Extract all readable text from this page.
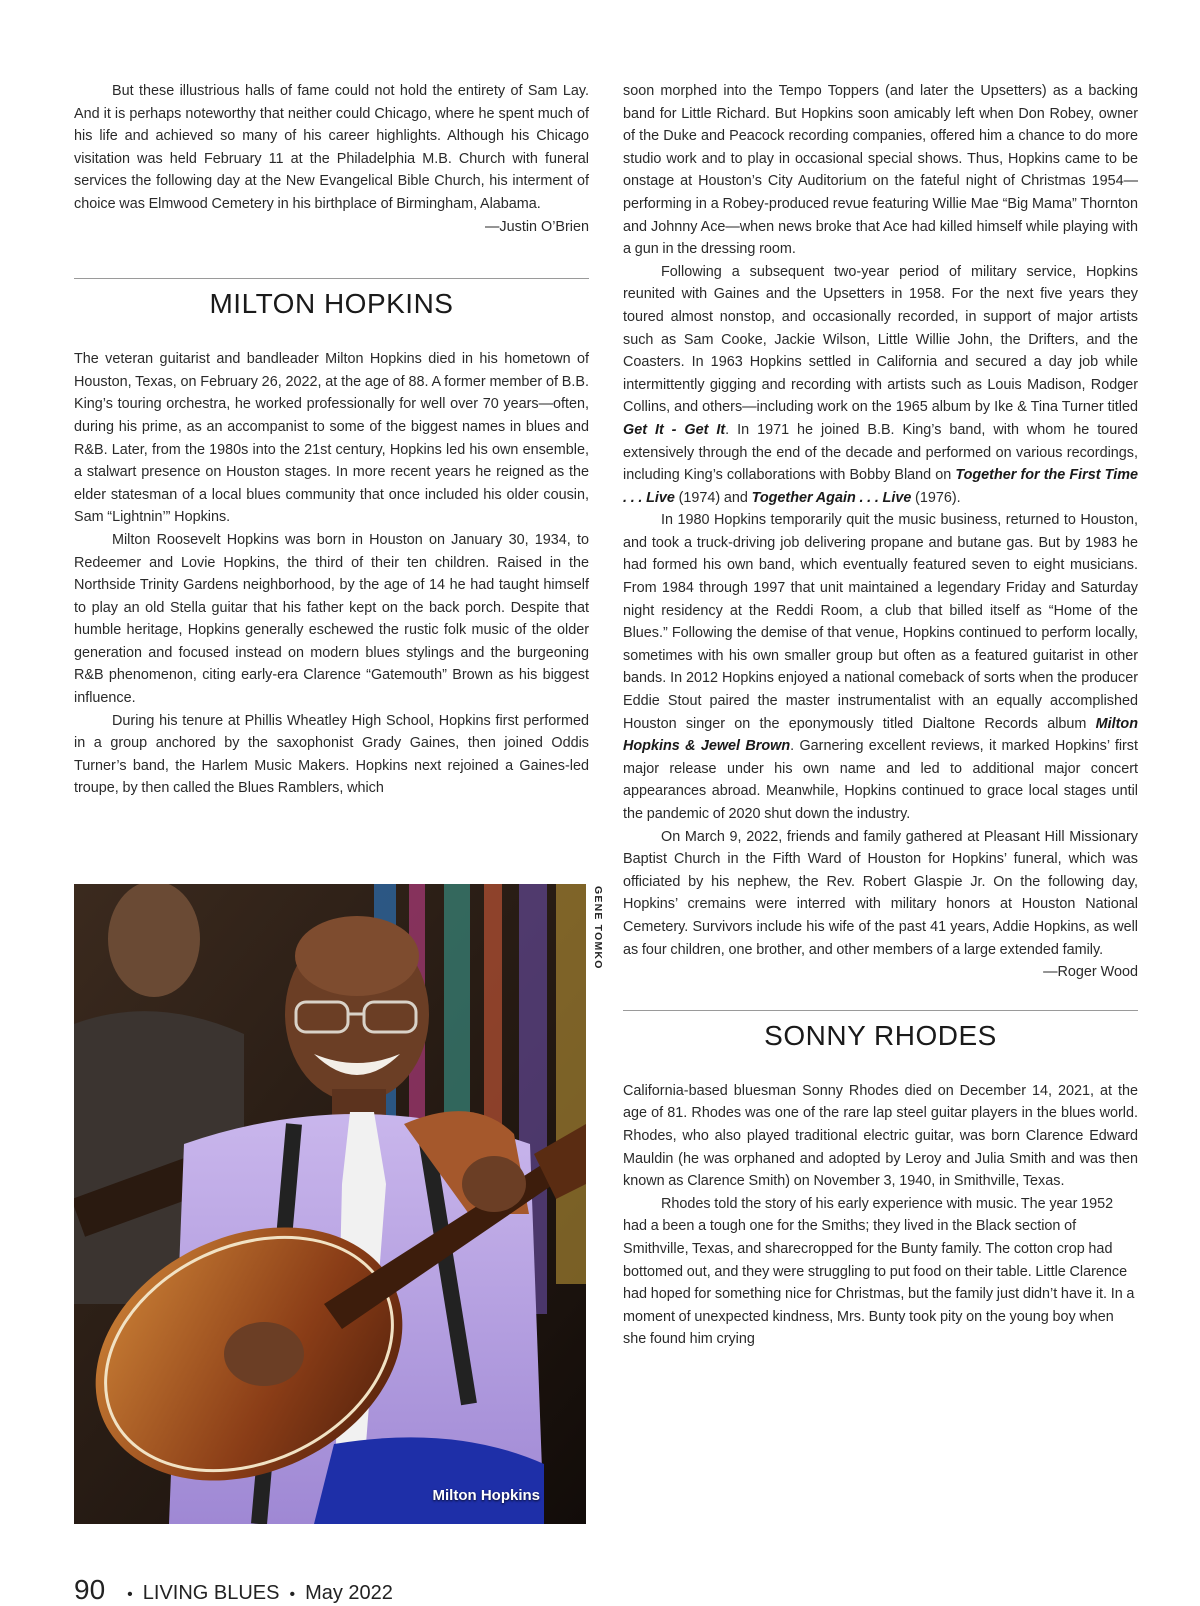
But these illustrious halls of fame could not hold the entirety of Sam Lay. And it is perhaps noteworthy that neither could Chicago, where he spent much of his life and achieved so many of his career highlights. Although his Chicago visitation was held February 11 at the Philadelphia M.B. Church with funeral services the following day at the New Evangelical Bible Church, his interment of choice was Elmwood Cemetery in his birthplace of Birmingham, Alabama.

—Justin O’Brien

MILTON HOPKINS

The veteran guitarist and bandleader Milton Hopkins died in his hometown of Houston, Texas, on February 26, 2022, at the age of 88. A former member of B.B. King’s touring orchestra, he worked professionally for well over 70 years—often, during his prime, as an accompanist to some of the biggest names in blues and R&B. Later, from the 1980s into the 21st century, Hopkins led his own ensemble, a stalwart presence on Houston stages. In more recent years he reigned as the elder statesman of a local blues community that once included his older cousin, Sam “Lightnin’” Hopkins.

Milton Roosevelt Hopkins was born in Houston on January 30, 1934, to Redeemer and Lovie Hopkins, the third of their ten children. Raised in the Northside Trinity Gardens neighborhood, by the age of 14 he had taught himself to play an old Stella guitar that his father kept on the back porch. Despite that humble heritage, Hopkins generally eschewed the rustic folk music of the older generation and focused instead on modern blues stylings and the burgeoning R&B phenomenon, citing early-era Clarence “Gatemouth” Brown as his biggest influence.

During his tenure at Phillis Wheatley High School, Hopkins first performed in a group anchored by the saxophonist Grady Gaines, then joined Oddis Turner’s band, the Harlem Music Makers. Hopkins next rejoined a Gaines-led troupe, by then called the Blues Ramblers, which

Milton Hopkins
GENE TOMKO

soon morphed into the Tempo Toppers (and later the Upsetters) as a backing band for Little Richard. But Hopkins soon amicably left when Don Robey, owner of the Duke and Peacock recording companies, offered him a chance to do more studio work and to play in occasional special shows. Thus, Hopkins came to be onstage at Houston’s City Auditorium on the fateful night of Christmas 1954—performing in a Robey-produced revue featuring Willie Mae “Big Mama” Thornton and Johnny Ace—when news broke that Ace had killed himself while playing with a gun in the dressing room.

Following a subsequent two-year period of military service, Hopkins reunited with Gaines and the Upsetters in 1958. For the next five years they toured almost nonstop, and occasionally recorded, in support of major artists such as Sam Cooke, Jackie Wilson, Little Willie John, the Drifters, and the Coasters. In 1963 Hopkins settled in California and secured a day job while intermittently gigging and recording with artists such as Louis Madison, Rodger Collins, and others—including work on the 1965 album by Ike & Tina Turner titled Get It - Get It. In 1971 he joined B.B. King’s band, with whom he toured extensively through the end of the decade and performed on various recordings, including King’s collaborations with Bobby Bland on Together for the First Time . . . Live (1974) and Together Again . . . Live (1976).

In 1980 Hopkins temporarily quit the music business, returned to Houston, and took a truck-driving job delivering propane and butane gas. But by 1983 he had formed his own band, which eventually featured seven to eight musicians. From 1984 through 1997 that unit maintained a legendary Friday and Saturday night residency at the Reddi Room, a club that billed itself as “Home of the Blues.” Following the demise of that venue, Hopkins continued to perform locally, sometimes with his own smaller group but often as a featured guitarist in other bands. In 2012 Hopkins enjoyed a national comeback of sorts when the producer Eddie Stout paired the master instrumentalist with an equally accomplished Houston singer on the eponymously titled Dialtone Records album Milton Hopkins & Jewel Brown. Garnering excellent reviews, it marked Hopkins’ first major release under his own name and led to additional major concert appearances abroad. Meanwhile, Hopkins continued to grace local stages until the pandemic of 2020 shut down the industry.

On March 9, 2022, friends and family gathered at Pleasant Hill Missionary Baptist Church in the Fifth Ward of Houston for Hopkins’ funeral, which was officiated by his nephew, the Rev. Robert Glaspie Jr. On the following day, Hopkins’ cremains were interred with military honors at Houston National Cemetery. Survivors include his wife of the past 41 years, Addie Hopkins, as well as four children, one brother, and other members of a large extended family.

—Roger Wood

SONNY RHODES

California-based bluesman Sonny Rhodes died on December 14, 2021, at the age of 81. Rhodes was one of the rare lap steel guitar players in the blues world. Rhodes, who also played traditional electric guitar, was born Clarence Edward Mauldin (he was orphaned and adopted by Leroy and Julia Smith and was then known as Clarence Smith) on November 3, 1940, in Smithville, Texas.

Rhodes told the story of his early experience with music. The year 1952 had a been a tough one for the Smiths; they lived in the Black section of Smithville, Texas, and sharecropped for the Bunty family. The cotton crop had bottomed out, and they were struggling to put food on their table. Little Clarence had hoped for something nice for Christmas, but the family just didn’t have it. In a moment of unexpected kindness, Mrs. Bunty took pity on the young boy when she found him crying

90 • LIVING BLUES • May 2022
